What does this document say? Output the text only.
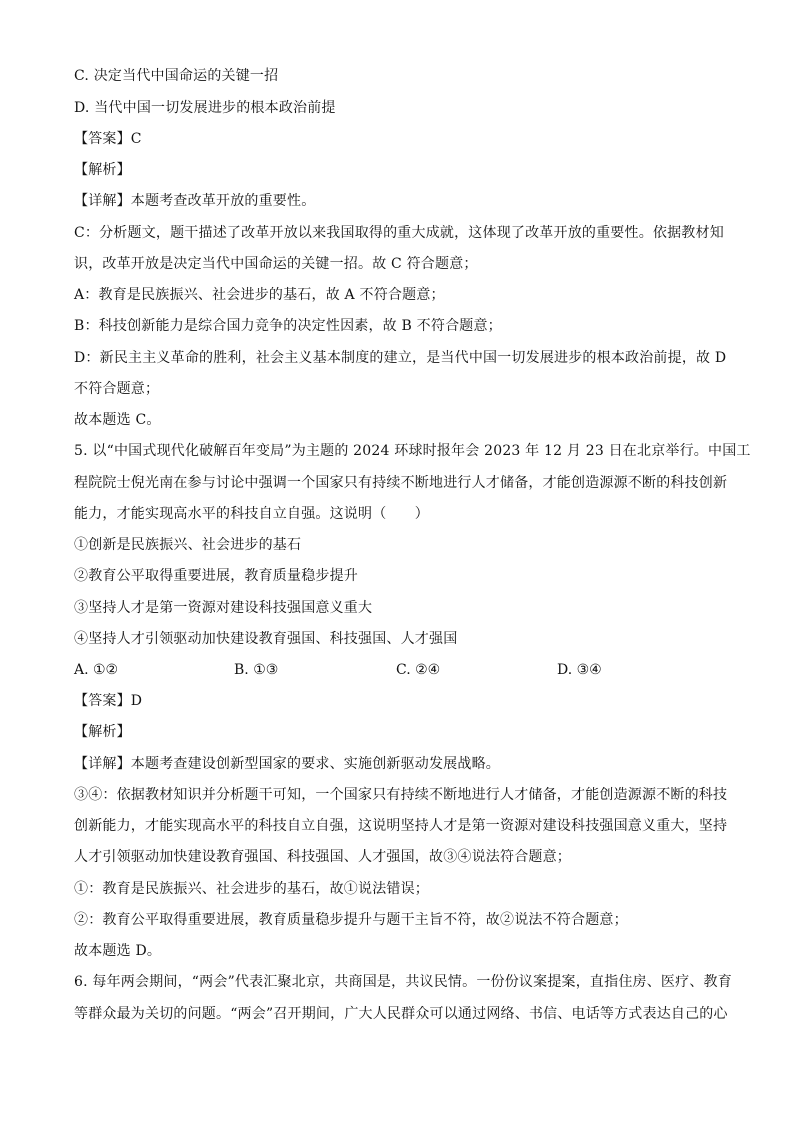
C. 决定当代中国命运的关键一招
D. 当代中国一切发展进步的根本政治前提
【答案】C
【解析】
【详解】本题考查改革开放的重要性。
C：分析题文，题干描述了改革开放以来我国取得的重大成就，这体现了改革开放的重要性。依据教材知
识，改革开放是决定当代中国命运的关键一招。故 C 符合题意；
A：教育是民族振兴、社会进步的基石，故 A 不符合题意；
B：科技创新能力是综合国力竞争的决定性因素，故 B 不符合题意；
D：新民主主义革命的胜利，社会主义基本制度的建立，是当代中国一切发展进步的根本政治前提，故 D
不符合题意；
故本题选 C。
5. 以“中国式现代化破解百年变局”为主题的 2024 环球时报年会 2023 年 12 月 23 日在北京举行。中国工
程院院士倪光南在参与讨论中强调一个国家只有持续不断地进行人才储备，才能创造源源不断的科技创新
能力，才能实现高水平的科技自立自强。这说明（　　）
①创新是民族振兴、社会进步的基石
②教育公平取得重要进展，教育质量稳步提升
③坚持人才是第一资源对建设科技强国意义重大
④坚持人才引领驱动加快建设教育强国、科技强国、人才强国
A. ①②	B. ①③	C. ②④	D. ③④
【答案】D
【解析】
【详解】本题考查建设创新型国家的要求、实施创新驱动发展战略。
③④：依据教材知识并分析题干可知，一个国家只有持续不断地进行人才储备，才能创造源源不断的科技
创新能力，才能实现高水平的科技自立自强，这说明坚持人才是第一资源对建设科技强国意义重大，坚持
人才引领驱动加快建设教育强国、科技强国、人才强国，故③④说法符合题意；
①：教育是民族振兴、社会进步的基石，故①说法错误；
②：教育公平取得重要进展，教育质量稳步提升与题干主旨不符，故②说法不符合题意；
故本题选 D。
6. 每年两会期间，“两会”代表汇聚北京，共商国是，共议民情。一份份议案提案，直指住房、医疗、教育
等群众最为关切的问题。“两会”召开期间，广大人民群众可以通过网络、书信、电话等方式表达自己的心
